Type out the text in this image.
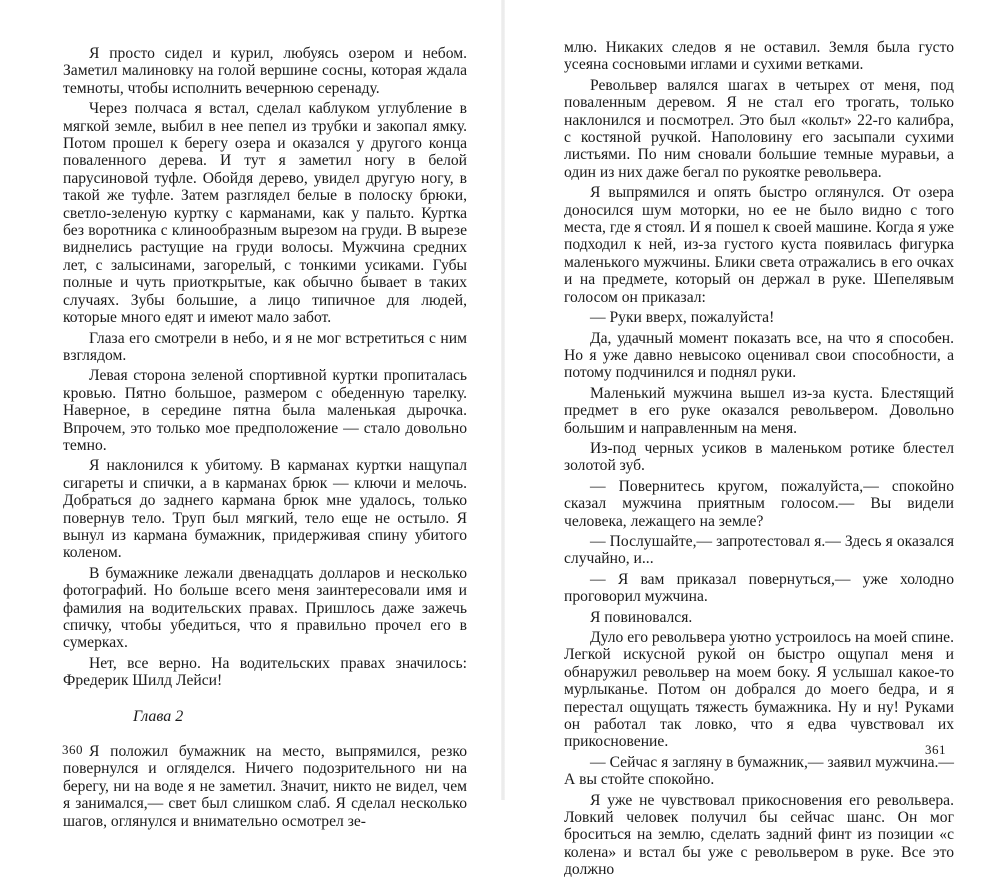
Я просто сидел и курил, любуясь озером и небом. Заметил малиновку на голой вершине сосны, которая ждала темноты, чтобы исполнить вечернюю серенаду.

Через полчаса я встал, сделал каблуком углубление в мягкой земле, выбил в нее пепел из трубки и закопал ямку. Потом прошел к берегу озера и оказался у другого конца поваленного дерева. И тут я заметил ногу в белой парусиновой туфле. Обойдя дерево, увидел другую ногу, в такой же туфле. Затем разглядел белые в полоску брюки, светло-зеленую куртку с карманами, как у пальто. Куртка без воротника с клинообразным вырезом на груди. В вырезе виднелись растущие на груди волосы. Мужчина средних лет, с залысинами, загорелый, с тонкими усиками. Губы полные и чуть приоткрытые, как обычно бывает в таких случаях. Зубы большие, а лицо типичное для людей, которые много едят и имеют мало забот.

Глаза его смотрели в небо, и я не мог встретиться с ним взглядом.

Левая сторона зеленой спортивной куртки пропиталась кровью. Пятно большое, размером с обеденную тарелку. Наверное, в середине пятна была маленькая дырочка. Впрочем, это только мое предположение — стало довольно темно.

Я наклонился к убитому. В карманах куртки нащупал сигареты и спички, а в карманах брюк — ключи и мелочь. Добраться до заднего кармана брюк мне удалось, только повернув тело. Труп был мягкий, тело еще не остыло. Я вынул из кармана бумажник, придерживая спину убитого коленом.

В бумажнике лежали двенадцать долларов и несколько фотографий. Но больше всего меня заинтересовали имя и фамилия на водительских правах. Пришлось даже зажечь спичку, чтобы убедиться, что я правильно прочел его в сумерках.

Нет, все верно. На водительских правах значилось: Фредерик Шилд Лейси!

Глава 2

Я положил бумажник на место, выпрямился, резко повернулся и огляделся. Ничего подозрительного ни на берегу, ни на воде я не заметил. Значит, никто не видел, чем я занимался,— свет был слишком слаб. Я сделал несколько шагов, оглянулся и внимательно осмотрел зе-

360

млю. Никаких следов я не оставил. Земля была густо усеяна сосновыми иглами и сухими ветками.

Револьвер валялся шагах в четырех от меня, под поваленным деревом. Я не стал его трогать, только наклонился и посмотрел. Это был «кольт» 22-го калибра, с костяной ручкой. Наполовину его засыпали сухими листьями. По ним сновали большие темные муравьи, а один из них даже бегал по рукоятке револьвера.

Я выпрямился и опять быстро оглянулся. От озера доносился шум моторки, но ее не было видно с того места, где я стоял. И я пошел к своей машине. Когда я уже подходил к ней, из-за густого куста появилась фигурка маленького мужчины. Блики света отражались в его очках и на предмете, который он держал в руке. Шепелявым голосом он приказал:

— Руки вверх, пожалуйста!

Да, удачный момент показать все, на что я способен. Но я уже давно невысоко оценивал свои способности, а потому подчинился и поднял руки.

Маленький мужчина вышел из-за куста. Блестящий предмет в его руке оказался револьвером. Довольно большим и направленным на меня.

Из-под черных усиков в маленьком ротике блестел золотой зуб.

— Повернитесь кругом, пожалуйста,— спокойно сказал мужчина приятным голосом.— Вы видели человека, лежащего на земле?

— Послушайте,— запротестовал я.— Здесь я оказался случайно, и...

— Я вам приказал повернуться,— уже холодно проговорил мужчина.

Я повиновался.

Дуло его револьвера уютно устроилось на моей спине. Легкой искусной рукой он быстро ощупал меня и обнаружил револьвер на моем боку. Я услышал какое-то мурлыканье. Потом он добрался до моего бедра, и я перестал ощущать тяжесть бумажника. Ну и ну! Руками он работал так ловко, что я едва чувствовал их прикосновение.

— Сейчас я загляну в бумажник,— заявил мужчина.— А вы стойте спокойно.

Я уже не чувствовал прикосновения его револьвера. Ловкий человек получил бы сейчас шанс. Он мог броситься на землю, сделать задний финт из позиции «с колена» и встал бы уже с револьвером в руке. Все это должно

361
